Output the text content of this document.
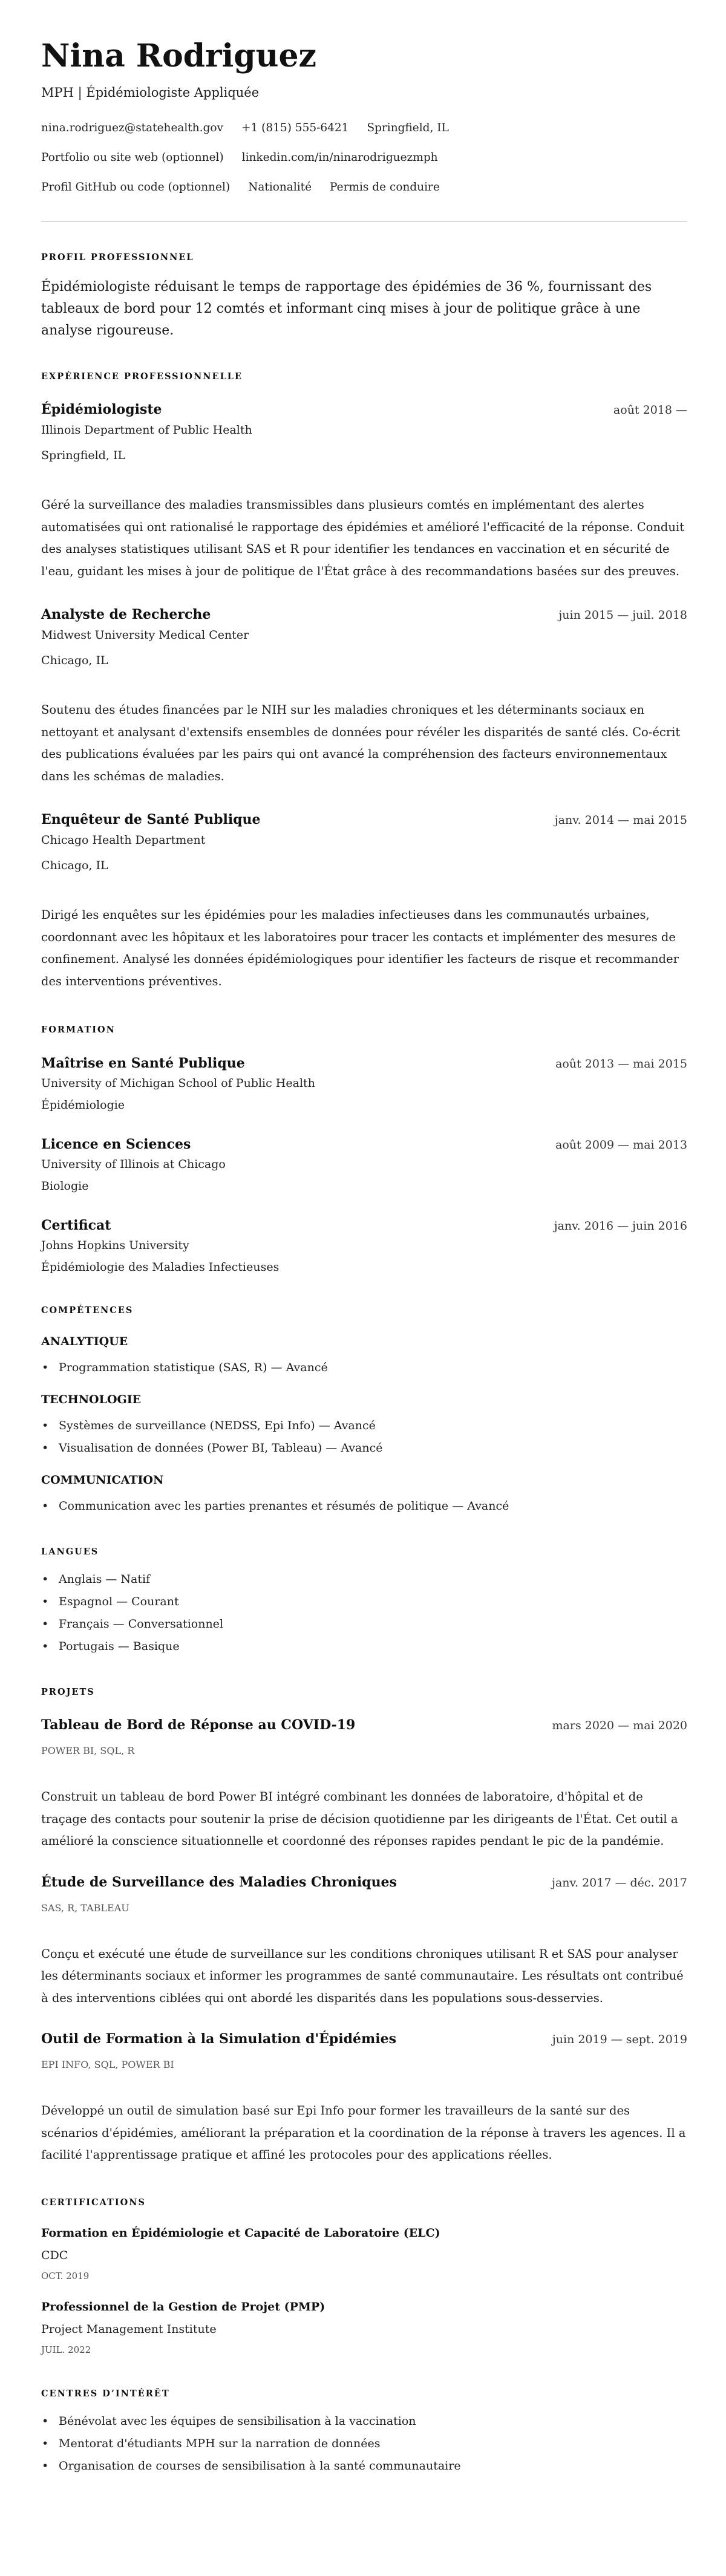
Nina Rodriguez
MPH | Épidémiologiste Appliquée
nina.rodriguez@statehealth.gov +1 (815) 555-6421 Springfield, IL
Portfolio ou site web (optionnel) linkedin.com/in/ninarodriguezmph
Profil GitHub ou code (optionnel) Nationalité Permis de conduire
PROFIL PROFESSIONNEL

Épidémiologiste réduisant le temps de rapportage des épidémies de 36 %, fournissant des tableaux de bord pour 12 comtés et informant cinq mises à jour de politique grâce à une analyse rigoureuse.

EXPÉRIENCE PROFESSIONNELLE
Épidémiologiste	août 2018 —
Illinois Department of Public Health
Springfield, IL
Géré la surveillance des maladies transmissibles dans plusieurs comtés en implémentant des alertes automatisées qui ont rationalisé le rapportage des épidémies et amélioré l'efficacité de la réponse. Conduit des analyses statistiques utilisant SAS et R pour identifier les tendances en vaccination et en sécurité de l'eau, guidant les mises à jour de politique de l'État grâce à des recommandations basées sur des preuves.
Analyste de Recherche	juin 2015 — juil. 2018
Midwest University Medical Center
Chicago, IL
Soutenu des études financées par le NIH sur les maladies chroniques et les déterminants sociaux en nettoyant et analysant d'extensifs ensembles de données pour révéler les disparités de santé clés. Co-écrit des publications évaluées par les pairs qui ont avancé la compréhension des facteurs environnementaux dans les schémas de maladies.
Enquêteur de Santé Publique	janv. 2014 — mai 2015
Chicago Health Department
Chicago, IL
Dirigé les enquêtes sur les épidémies pour les maladies infectieuses dans les communautés urbaines, coordonnant avec les hôpitaux et les laboratoires pour tracer les contacts et implémenter des mesures de confinement. Analysé les données épidémiologiques pour identifier les facteurs de risque et recommander des interventions préventives.
FORMATION
Maîtrise en Santé Publique	août 2013 — mai 2015
University of Michigan School of Public Health
Épidémiologie
Licence en Sciences	août 2009 — mai 2013
University of Illinois at Chicago
Biologie
Certificat	janv. 2016 — juin 2016
Johns Hopkins University
Épidémiologie des Maladies Infectieuses
COMPÉTENCES
ANALYTIQUE
• Programmation statistique (SAS, R) — Avancé
TECHNOLOGIE
• Systèmes de surveillance (NEDSS, Epi Info) — Avancé
• Visualisation de données (Power BI, Tableau) — Avancé
COMMUNICATION
• Communication avec les parties prenantes et résumés de politique — Avancé
LANGUES
• Anglais — Natif
• Espagnol — Courant
• Français — Conversationnel
• Portugais — Basique
PROJETS
Tableau de Bord de Réponse au COVID-19	mars 2020 — mai 2020
POWER BI, SQL, R
Construit un tableau de bord Power BI intégré combinant les données de laboratoire, d'hôpital et de traçage des contacts pour soutenir la prise de décision quotidienne par les dirigeants de l'État. Cet outil a amélioré la conscience situationnelle et coordonné des réponses rapides pendant le pic de la pandémie.
Étude de Surveillance des Maladies Chroniques	janv. 2017 — déc. 2017
SAS, R, TABLEAU
Conçu et exécuté une étude de surveillance sur les conditions chroniques utilisant R et SAS pour analyser les déterminants sociaux et informer les programmes de santé communautaire. Les résultats ont contribué à des interventions ciblées qui ont abordé les disparités dans les populations sous-desservies.
Outil de Formation à la Simulation d'Épidémies	juin 2019 — sept. 2019
EPI INFO, SQL, POWER BI
Développé un outil de simulation basé sur Epi Info pour former les travailleurs de la santé sur des scénarios d'épidémies, améliorant la préparation et la coordination de la réponse à travers les agences. Il a facilité l'apprentissage pratique et affiné les protocoles pour des applications réelles.
CERTIFICATIONS
Formation en Épidémiologie et Capacité de Laboratoire (ELC)
CDC
OCT. 2019
Professionnel de la Gestion de Projet (PMP)
Project Management Institute
JUIL. 2022
CENTRES D’INTÉRÊT
• Bénévolat avec les équipes de sensibilisation à la vaccination
• Mentorat d'étudiants MPH sur la narration de données
• Organisation de courses de sensibilisation à la santé communautaire
